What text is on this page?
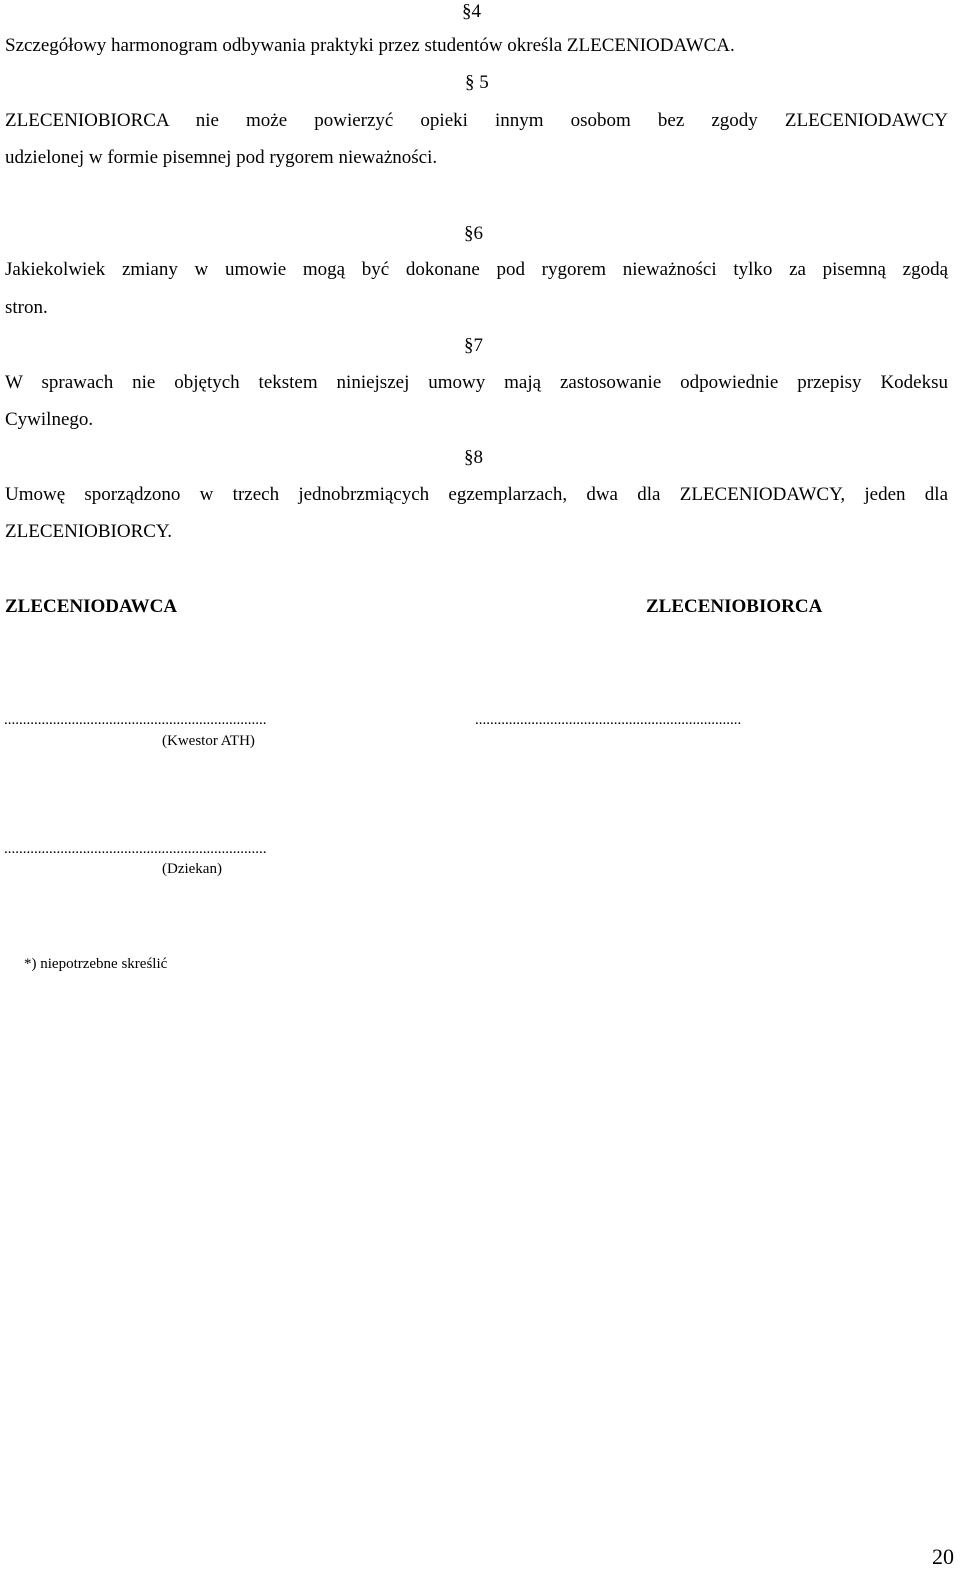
§4
Szczegółowy harmonogram odbywania praktyki przez studentów określa ZLECENIODAWCA.
§ 5
ZLECENIOBIORCA nie może powierzyć opieki innym osobom bez zgody ZLECENIODAWCY
udzielonej w formie pisemnej pod rygorem nieważności.
§6
Jakiekolwiek zmiany w umowie mogą być dokonane pod rygorem nieważności tylko za pisemną zgodą
stron.
§7
W sprawach nie objętych tekstem niniejszej umowy mają zastosowanie odpowiednie przepisy Kodeksu
Cywilnego.
§8
Umowę sporządzono w trzech jednobrzmiących egzemplarzach, dwa dla ZLECENIODAWCY, jeden dla
ZLECENIOBIORCY.
ZLECENIODAWCA	ZLECENIOBIORCA
......................................................................	.......................................................................
(Kwestor ATH)
......................................................................
(Dziekan)
*) niepotrzebne skreślić
20
